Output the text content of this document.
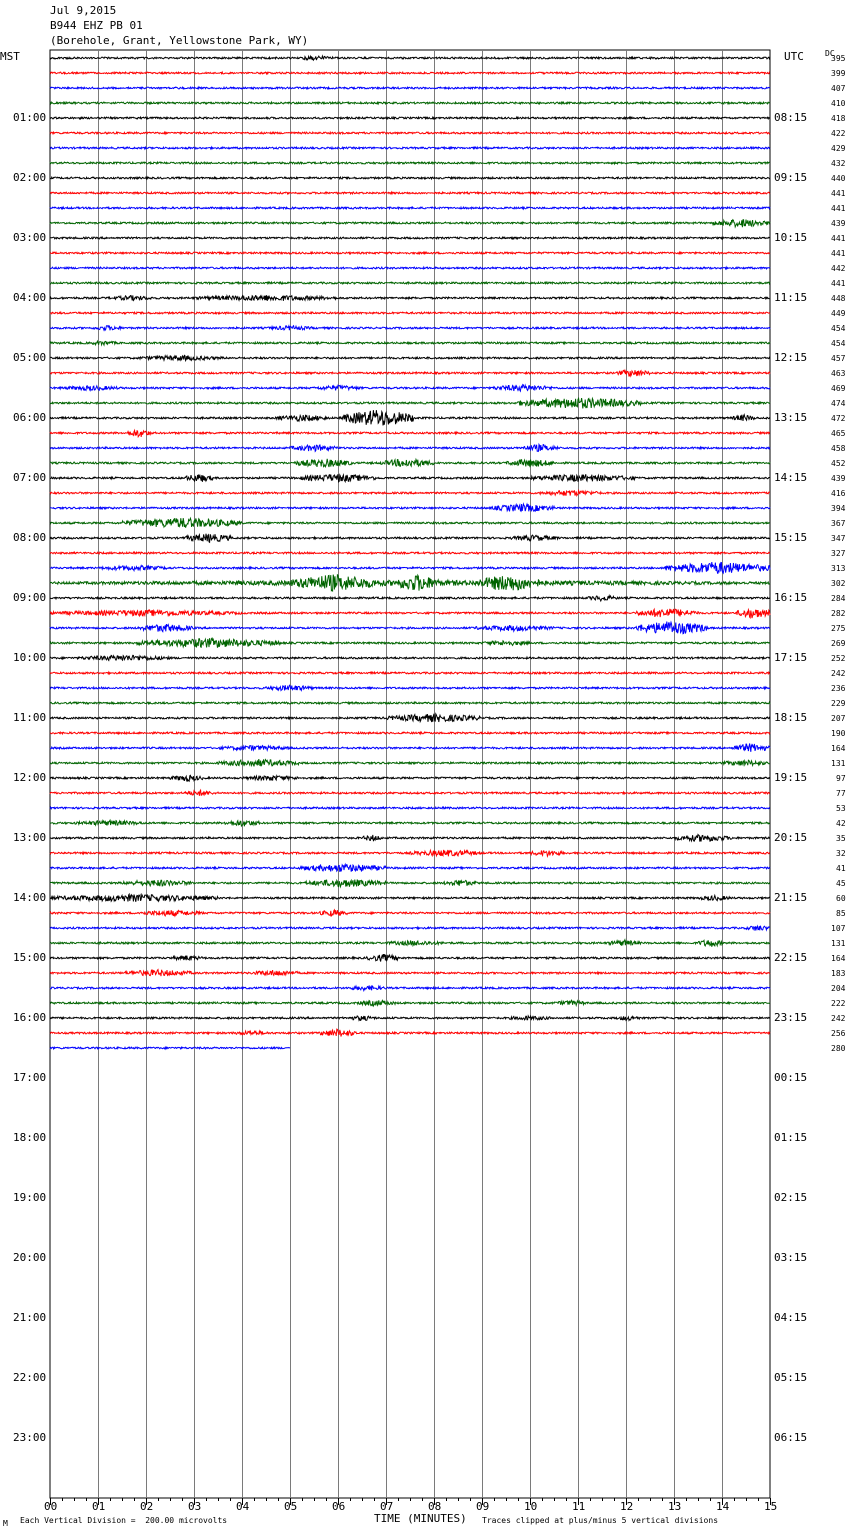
Jul 9,2015
B944 EHZ PB 01
(Borehole, Grant, Yellowstone Park, WY)
MST	UTC	DC
01:00
02:00
03:00
04:00
05:00
06:00
07:00
08:00
09:00
10:00
11:00
12:00
13:00
14:00
15:00
16:00
17:00
18:00
19:00
20:00
21:00
22:00
23:00
08:15
09:15
10:15
11:15
12:15
13:15
14:15
15:15
16:15
17:15
18:15
19:15
20:15
21:15
22:15
23:15
00:15
01:15
02:15
03:15
04:15
05:15
06:15
395
399
407
410
418
422
429
432
440
441
441
439
441
441
442
441
448
449
454
454
457
463
469
474
472
465
458
452
439
416
394
367
347
327
313
302
284
282
275
269
252
242
236
229
207
190
164
131
97
77
53
42
35
32
41
45
60
85
107
131
164
183
204
222
242
256
280
00	01	02	03	04	05	06	07	08	09	10	11	12	13	14	15
M Each Vertical Division =  200.00 microvolts	TIME (MINUTES) Traces clipped at plus/minus 5 vertical divisions
